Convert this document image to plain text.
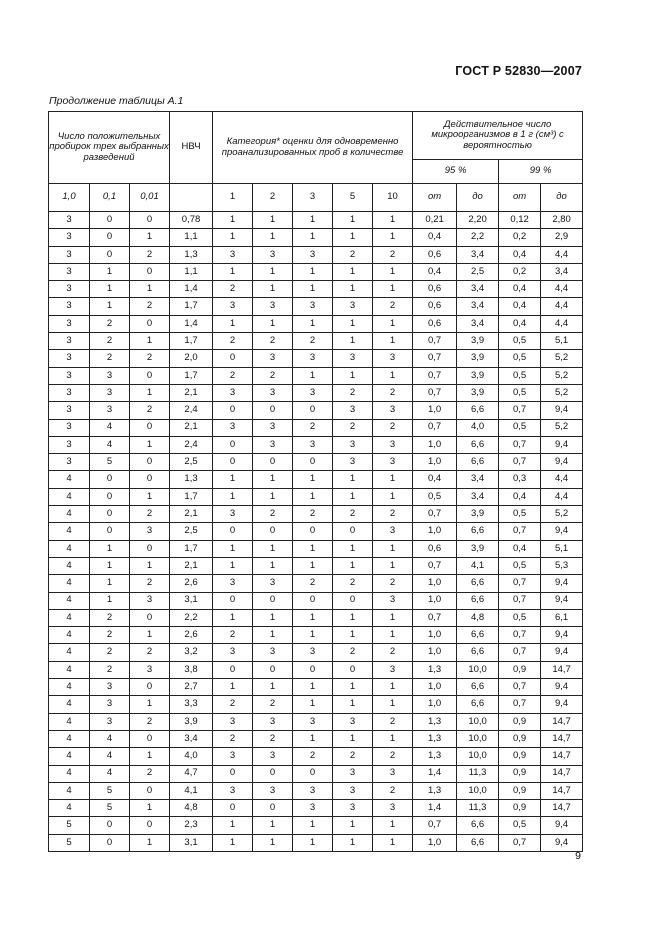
ГОСТ Р 52830—2007
Продолжение таблицы А.1
Число положительных пробирок трех выбранных разведений			НВЧ	Категория* оценки для одновременно проанализированных проб в количестве					Действительное число микроорганизмов в 1 г (см³) с вероятностью			
									95 %		99 %	
1,0	0,1	0,01		1	2	3	5	10	от	до	от	до
3	0	0	0,78	1	1	1	1	1	0,21	2,20	0,12	2,80
3	0	1	1,1	1	1	1	1	1	0,4	2,2	0,2	2,9
3	0	2	1,3	3	3	3	2	2	0,6	3,4	0,4	4,4
3	1	0	1,1	1	1	1	1	1	0,4	2,5	0,2	3,4
3	1	1	1,4	2	1	1	1	1	0,6	3,4	0,4	4,4
3	1	2	1,7	3	3	3	3	2	0,6	3,4	0,4	4,4
3	2	0	1,4	1	1	1	1	1	0,6	3,4	0,4	4,4
3	2	1	1,7	2	2	2	1	1	0,7	3,9	0,5	5,1
3	2	2	2,0	0	3	3	3	3	0,7	3,9	0,5	5,2
3	3	0	1,7	2	2	1	1	1	0,7	3,9	0,5	5,2
3	3	1	2,1	3	3	3	2	2	0,7	3,9	0,5	5,2
3	3	2	2,4	0	0	0	3	3	1,0	6,6	0,7	9,4
3	4	0	2,1	3	3	2	2	2	0,7	4,0	0,5	5,2
3	4	1	2,4	0	3	3	3	3	1,0	6,6	0,7	9,4
3	5	0	2,5	0	0	0	3	3	1,0	6,6	0,7	9,4
4	0	0	1,3	1	1	1	1	1	0,4	3,4	0,3	4,4
4	0	1	1,7	1	1	1	1	1	0,5	3,4	0,4	4,4
4	0	2	2,1	3	2	2	2	2	0,7	3,9	0,5	5,2
4	0	3	2,5	0	0	0	0	3	1,0	6,6	0,7	9,4
4	1	0	1,7	1	1	1	1	1	0,6	3,9	0,4	5,1
4	1	1	2,1	1	1	1	1	1	0,7	4,1	0,5	5,3
4	1	2	2,6	3	3	2	2	2	1,0	6,6	0,7	9,4
4	1	3	3,1	0	0	0	0	3	1,0	6,6	0,7	9,4
4	2	0	2,2	1	1	1	1	1	0,7	4,8	0,5	6,1
4	2	1	2,6	2	1	1	1	1	1,0	6,6	0,7	9,4
4	2	2	3,2	3	3	3	2	2	1,0	6,6	0,7	9,4
4	2	3	3,8	0	0	0	0	3	1,3	10,0	0,9	14,7
4	3	0	2,7	1	1	1	1	1	1,0	6,6	0,7	9,4
4	3	1	3,3	2	2	1	1	1	1,0	6,6	0,7	9,4
4	3	2	3,9	3	3	3	3	2	1,3	10,0	0,9	14,7
4	4	0	3,4	2	2	1	1	1	1,3	10,0	0,9	14,7
4	4	1	4,0	3	3	2	2	2	1,3	10,0	0,9	14,7
4	4	2	4,7	0	0	0	3	3	1,4	11,3	0,9	14,7
4	5	0	4,1	3	3	3	3	2	1,3	10,0	0,9	14,7
4	5	1	4,8	0	0	3	3	3	1,4	11,3	0,9	14,7
5	0	0	2,3	1	1	1	1	1	0,7	6,6	0,5	9,4
5	0	1	3,1	1	1	1	1	1	1,0	6,6	0,7	9,4
9
